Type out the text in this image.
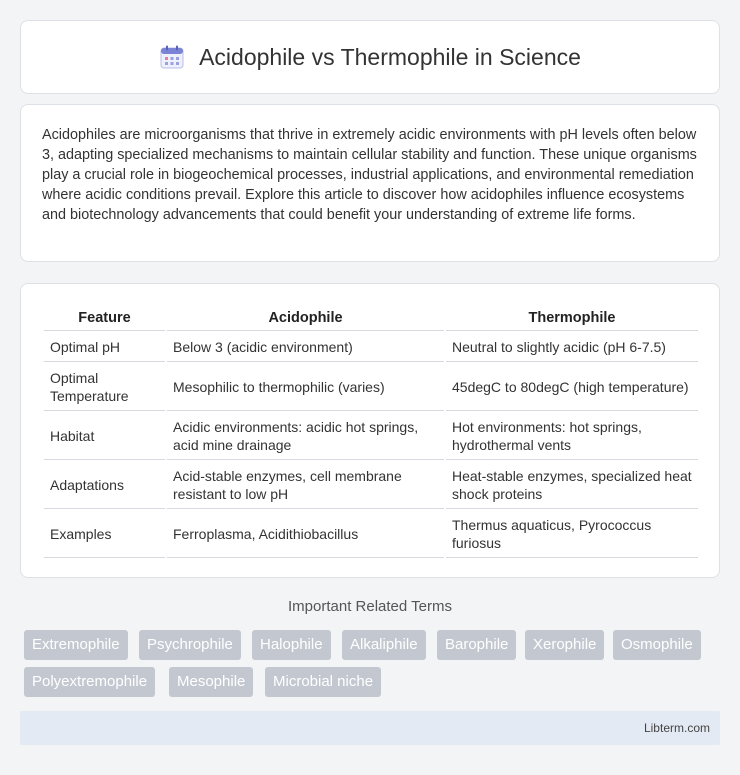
Acidophile vs Thermophile in Science

Acidophiles are microorganisms that thrive in extremely acidic environments with pH levels often below 3, adapting specialized mechanisms to maintain cellular stability and function. These unique organisms play a crucial role in biogeochemical processes, industrial applications, and environmental remediation where acidic conditions prevail. Explore this article to discover how acidophiles influence ecosystems and biotechnology advancements that could benefit your understanding of extreme life forms.

Feature	Acidophile	Thermophile
Optimal pH	Below 3 (acidic environment)	Neutral to slightly acidic (pH 6-7.5)
Optimal Temperature	Mesophilic to thermophilic (varies)	45degC to 80degC (high temperature)
Habitat	Acidic environments: acidic hot springs, acid mine drainage	Hot environments: hot springs, hydrothermal vents
Adaptations	Acid-stable enzymes, cell membrane resistant to low pH	Heat-stable enzymes, specialized heat shock proteins
Examples	Ferroplasma, Acidithiobacillus	Thermus aquaticus, Pyrococcus furiosus
Important Related Terms
Extremophile	Psychrophile	Halophile	Alkaliphile	Barophile	Xerophile	Osmophile
Polyextremophile	Mesophile	Microbial niche
Libterm.com
